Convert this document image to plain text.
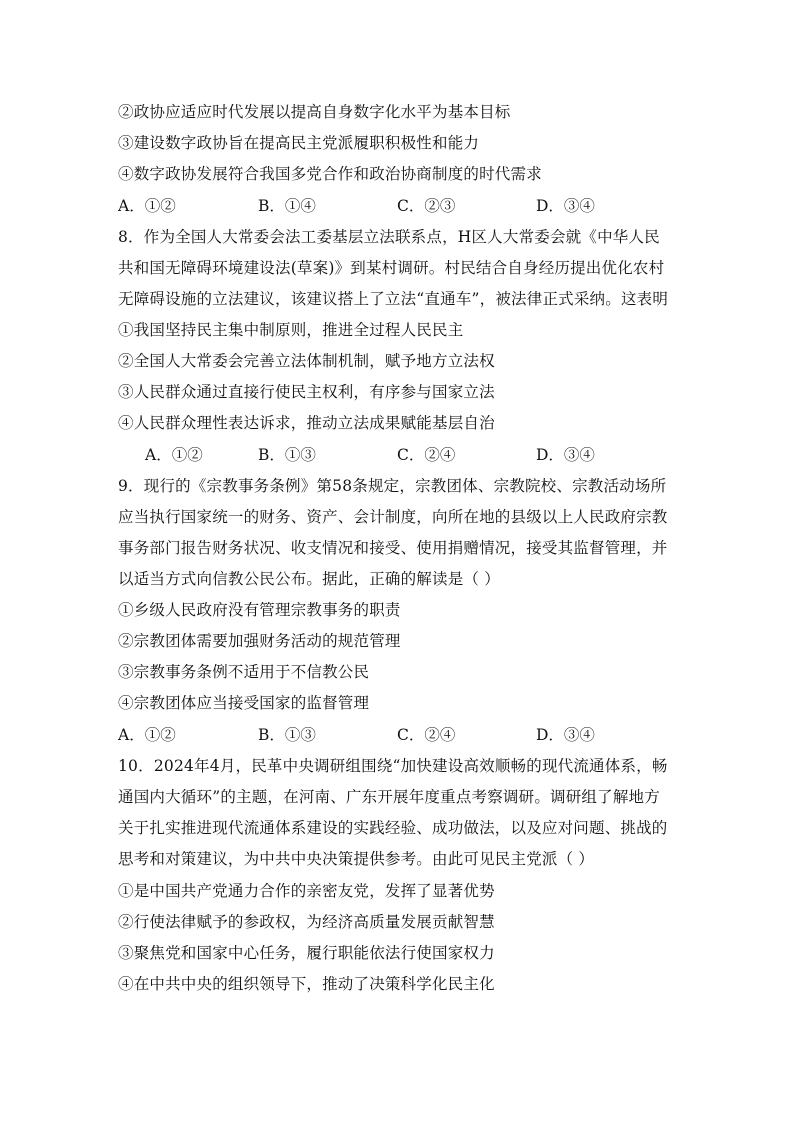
②政协应适应时代发展以提高自身数字化水平为基本目标
③建设数字政协旨在提高民主党派履职积极性和能力
④数字政协发展符合我国多党合作和政治协商制度的时代需求
A．①②	B．①④	C．②③	D．③④
8．作为全国人大常委会法工委基层立法联系点，H区人大常委会就《中华人民
共和国无障碍环境建设法(草案)》到某村调研。村民结合自身经历提出优化农村
无障碍设施的立法建议，该建议搭上了立法“直通车”，被法律正式采纳。这表明
①我国坚持民主集中制原则，推进全过程人民民主
②全国人大常委会完善立法体制机制，赋予地方立法权
③人民群众通过直接行使民主权利，有序参与国家立法
④人民群众理性表达诉求，推动立法成果赋能基层自治
A．①②	B．①③	C．②④	D．③④
9．现行的《宗教事务条例》第58条规定，宗教团体、宗教院校、宗教活动场所
应当执行国家统一的财务、资产、会计制度，向所在地的县级以上人民政府宗教
事务部门报告财务状况、收支情况和接受、使用捐赠情况，接受其监督管理，并
以适当方式向信教公民公布。据此，正确的解读是（ ）
①乡级人民政府没有管理宗教事务的职责
②宗教团体需要加强财务活动的规范管理
③宗教事务条例不适用于不信教公民
④宗教团体应当接受国家的监督管理
A．①②	B．①③	C．②④	D．③④
10．2024年4月，民革中央调研组围绕“加快建设高效顺畅的现代流通体系，畅
通国内大循环”的主题，在河南、广东开展年度重点考察调研。调研组了解地方
关于扎实推进现代流通体系建设的实践经验、成功做法，以及应对问题、挑战的
思考和对策建议，为中共中央决策提供参考。由此可见民主党派（ ）
①是中国共产党通力合作的亲密友党，发挥了显著优势
②行使法律赋予的参政权，为经济高质量发展贡献智慧
③聚焦党和国家中心任务，履行职能依法行使国家权力
④在中共中央的组织领导下，推动了决策科学化民主化
